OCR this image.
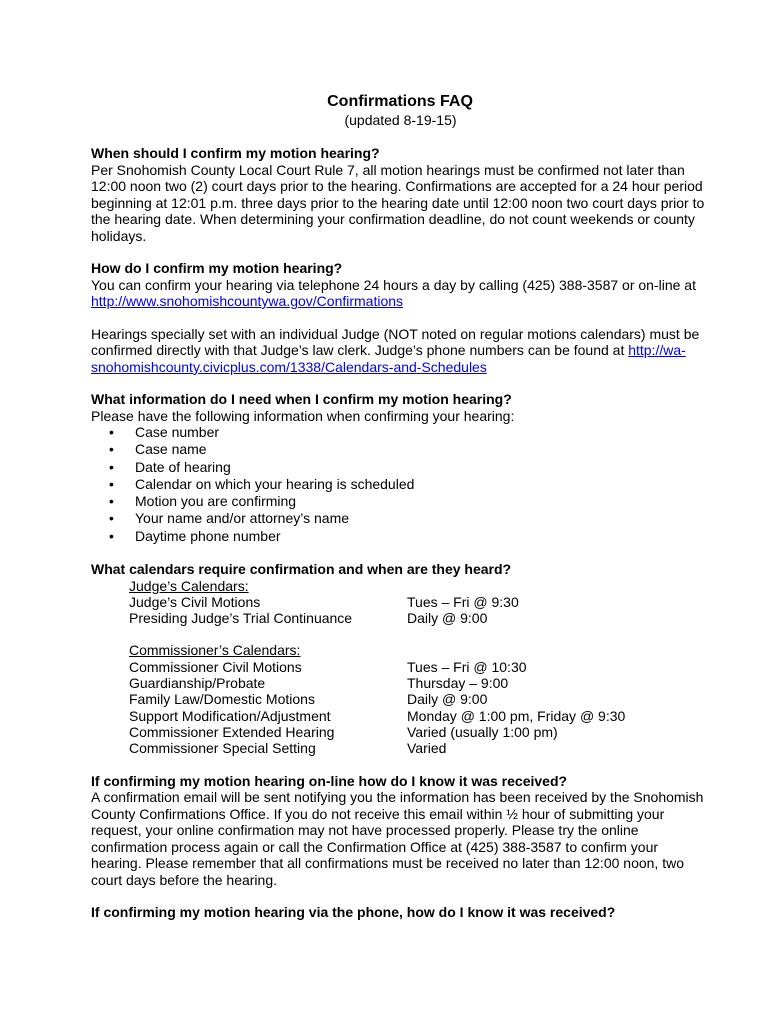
Confirmations FAQ
(updated 8-19-15)
When should I confirm my motion hearing?
Per Snohomish County Local Court Rule 7, all motion hearings must be confirmed not later than 12:00 noon two (2) court days prior to the hearing. Confirmations are accepted for a 24 hour period beginning at 12:01 p.m. three days prior to the hearing date until 12:00 noon two court days prior to the hearing date. When determining your confirmation deadline, do not count weekends or county holidays.
How do I confirm my motion hearing?
You can confirm your hearing via telephone 24 hours a day by calling (425) 388-3587 or on-line at http://www.snohomishcountywa.gov/Confirmations
Hearings specially set with an individual Judge (NOT noted on regular motions calendars) must be confirmed directly with that Judge’s law clerk. Judge’s phone numbers can be found at http://wa-snohomishcounty.civicplus.com/1338/Calendars-and-Schedules
What information do I need when I confirm my motion hearing?
Please have the following information when confirming your hearing:
• Case number
• Case name
• Date of hearing
• Calendar on which your hearing is scheduled
• Motion you are confirming
• Your name and/or attorney’s name
• Daytime phone number
What calendars require confirmation and when are they heard?
Judge’s Calendars:
Judge’s Civil Motions	Tues – Fri @ 9:30
Presiding Judge’s Trial Continuance	Daily @ 9:00
Commissioner’s Calendars:
Commissioner Civil Motions	Tues – Fri @ 10:30
Guardianship/Probate	Thursday – 9:00
Family Law/Domestic Motions	Daily @ 9:00
Support Modification/Adjustment	Monday @ 1:00 pm, Friday @ 9:30
Commissioner Extended Hearing	Varied (usually 1:00 pm)
Commissioner Special Setting	Varied
If confirming my motion hearing on-line how do I know it was received?
A confirmation email will be sent notifying you the information has been received by the Snohomish County Confirmations Office. If you do not receive this email within ½ hour of submitting your request, your online confirmation may not have processed properly. Please try the online confirmation process again or call the Confirmation Office at (425) 388-3587 to confirm your hearing. Please remember that all confirmations must be received no later than 12:00 noon, two court days before the hearing.
If confirming my motion hearing via the phone, how do I know it was received?
